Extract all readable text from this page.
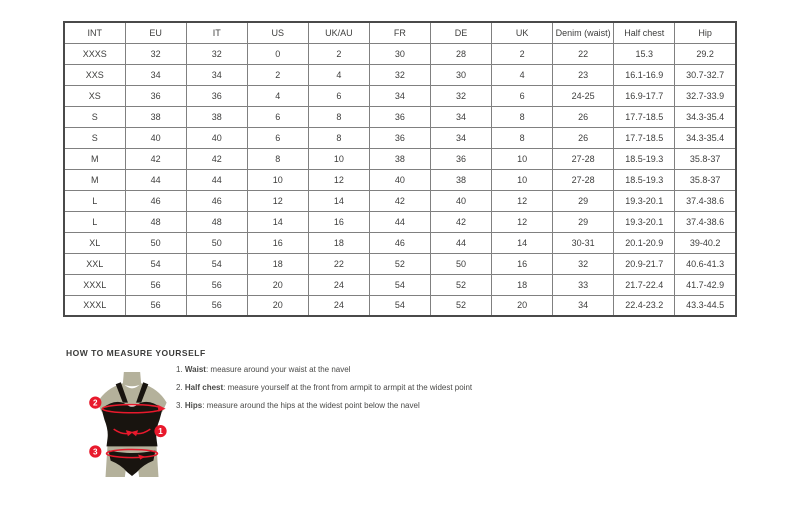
INT	EU	IT	US	UK/AU	FR	DE	UK	Denim (waist)	Half chest	Hip
XXXS	32	32	0	2	30	28	2	22	15.3	29.2
XXS	34	34	2	4	32	30	4	23	16.1-16.9	30.7-32.7
XS	36	36	4	6	34	32	6	24-25	16.9-17.7	32.7-33.9
S	38	38	6	8	36	34	8	26	17.7-18.5	34.3-35.4
S	40	40	6	8	36	34	8	26	17.7-18.5	34.3-35.4
M	42	42	8	10	38	36	10	27-28	18.5-19.3	35.8-37
M	44	44	10	12	40	38	10	27-28	18.5-19.3	35.8-37
L	46	46	12	14	42	40	12	29	19.3-20.1	37.4-38.6
L	48	48	14	16	44	42	12	29	19.3-20.1	37.4-38.6
XL	50	50	16	18	46	44	14	30-31	20.1-20.9	39-40.2
XXL	54	54	18	22	52	50	16	32	20.9-21.7	40.6-41.3
XXXL	56	56	20	24	54	52	18	33	21.7-22.4	41.7-42.9
XXXL	56	56	20	24	54	52	20	34	22.4-23.2	43.3-44.5
HOW TO MEASURE YOURSELF
1. Waist: measure around your waist at the navel
2. Half chest: measure yourself at the front from armpit to armpit at the widest point
3. Hips: measure around the hips at the widest point below the navel
2
1
3
